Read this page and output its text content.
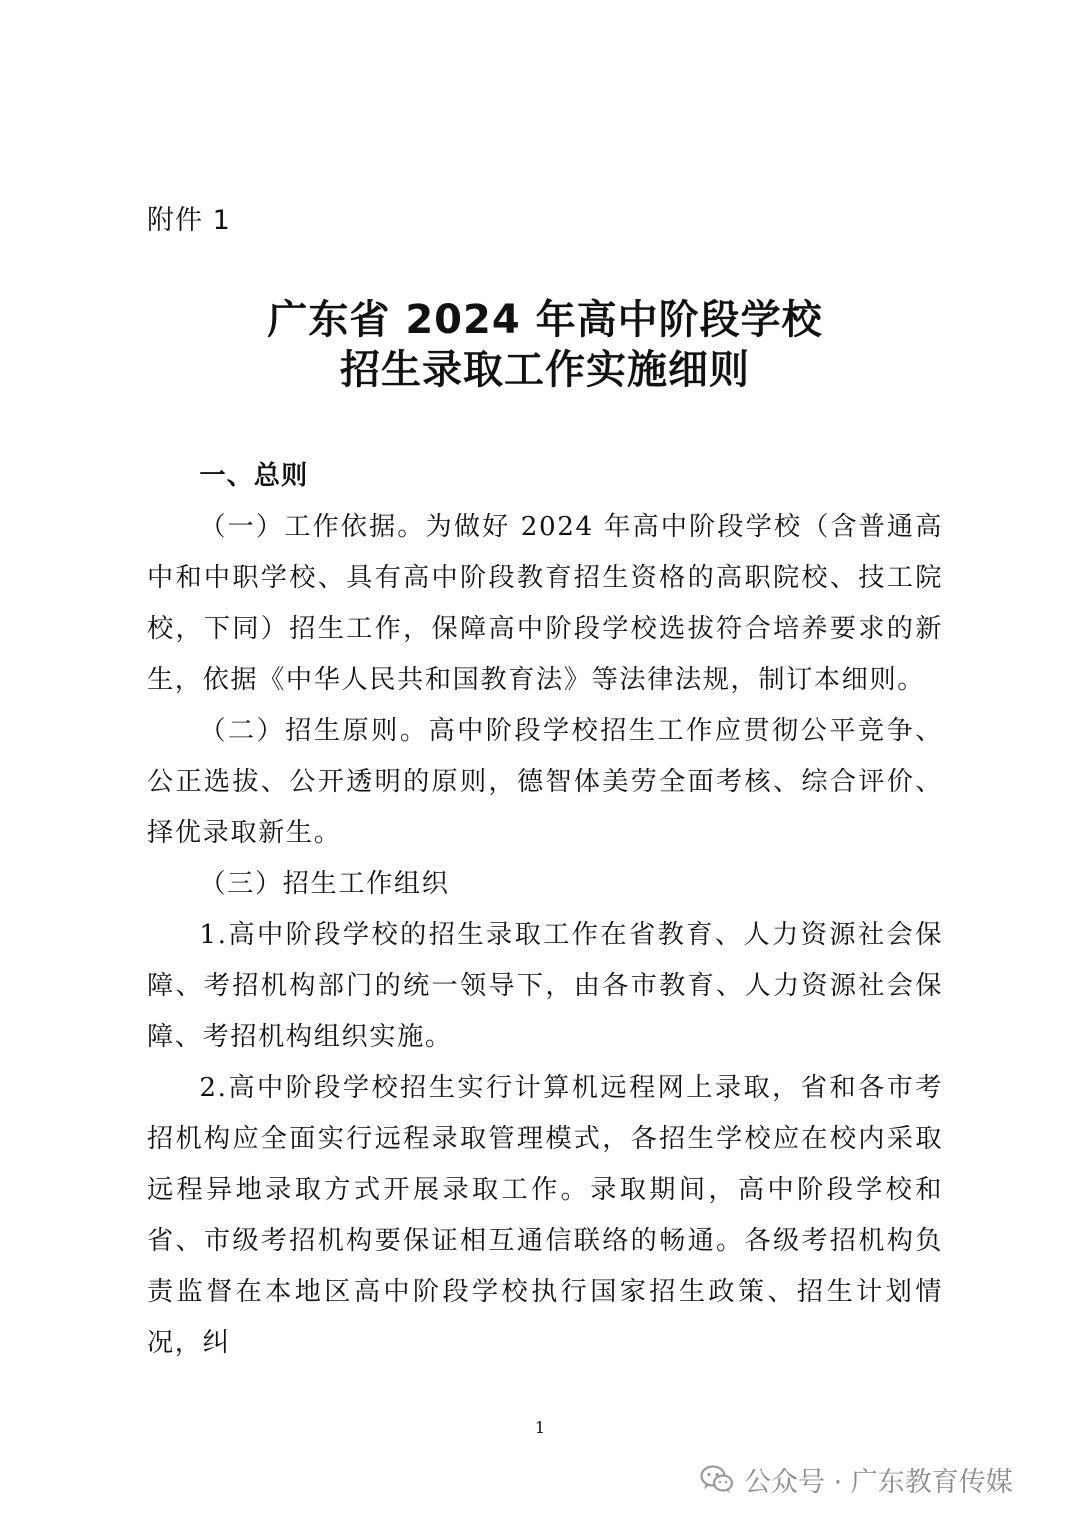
附件 1
广东省 2024 年高中阶段学校
招生录取工作实施细则

一、总则

（一）工作依据。为做好 2024 年高中阶段学校（含普通高中和中职学校、具有高中阶段教育招生资格的高职院校、技工院校，下同）招生工作，保障高中阶段学校选拔符合培养要求的新生，依据《中华人民共和国教育法》等法律法规，制订本细则。

（二）招生原则。高中阶段学校招生工作应贯彻公平竞争、公正选拔、公开透明的原则，德智体美劳全面考核、综合评价、择优录取新生。

（三）招生工作组织

1.高中阶段学校的招生录取工作在省教育、人力资源社会保障、考招机构部门的统一领导下，由各市教育、人力资源社会保障、考招机构组织实施。

2.高中阶段学校招生实行计算机远程网上录取，省和各市考招机构应全面实行远程录取管理模式，各招生学校应在校内采取远程异地录取方式开展录取工作。录取期间，高中阶段学校和省、市级考招机构要保证相互通信联络的畅通。各级考招机构负责监督在本地区高中阶段学校执行国家招生政策、招生计划情况，纠

1
公众号 · 广东教育传媒
